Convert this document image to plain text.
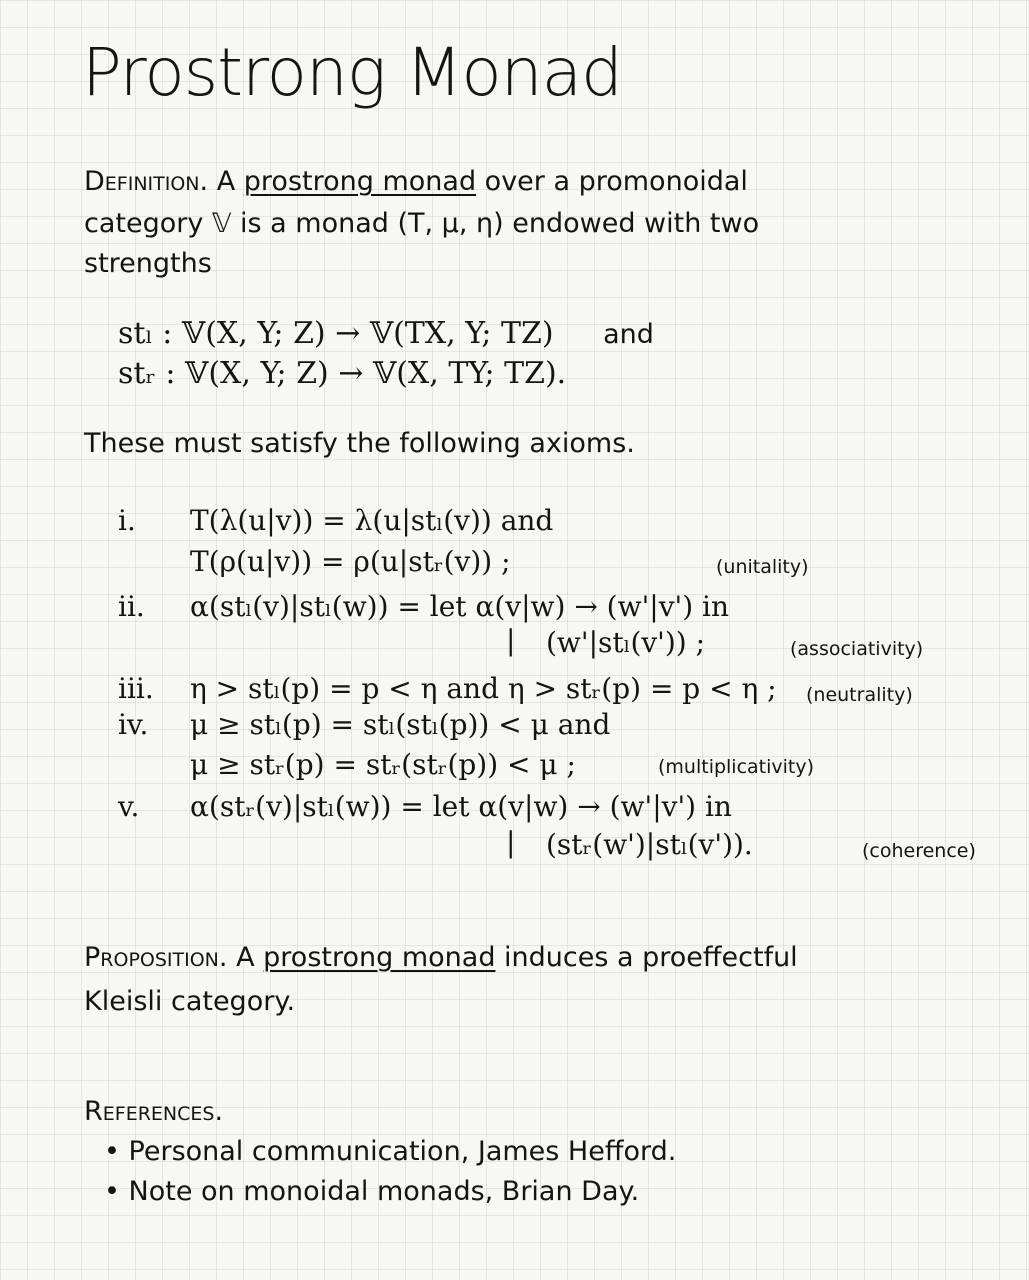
Prostrong Monad
Definition. A prostrong monad over a promonoidal
category 𝕍 is a monad (T, μ, η) endowed with two
strengths
stₗ : 𝕍(X, Y; Z) → 𝕍(TX, Y; TZ) and
stᵣ : 𝕍(X, Y; Z) → 𝕍(X, TY; TZ).
These must satisfy the following axioms.
i. T(λ(u|v)) = λ(u|stₗ(v)) and
T(ρ(u|v)) = ρ(u|stᵣ(v)) ;	(unitality)
ii. α(stₗ(v)|stₗ(w)) = let α(v|w) → (w'|v') in
| (w'|stₗ(v')) ;	(associativity)
iii. η > stₗ(p) = p < η and η > stᵣ(p) = p < η ; (neutrality)
iv. μ ≥ stₗ(p) = stₗ(stₗ(p)) < μ and
μ ≥ stᵣ(p) = stᵣ(stᵣ(p)) < μ ;	(multiplicativity)
v. α(stᵣ(v)|stₗ(w)) = let α(v|w) → (w'|v') in
| (stᵣ(w')|stₗ(v')).	(coherence)
Proposition. A prostrong monad induces a proeffectful
Kleisli category.
References.
• Personal communication, James Hefford.
• Note on monoidal monads, Brian Day.
